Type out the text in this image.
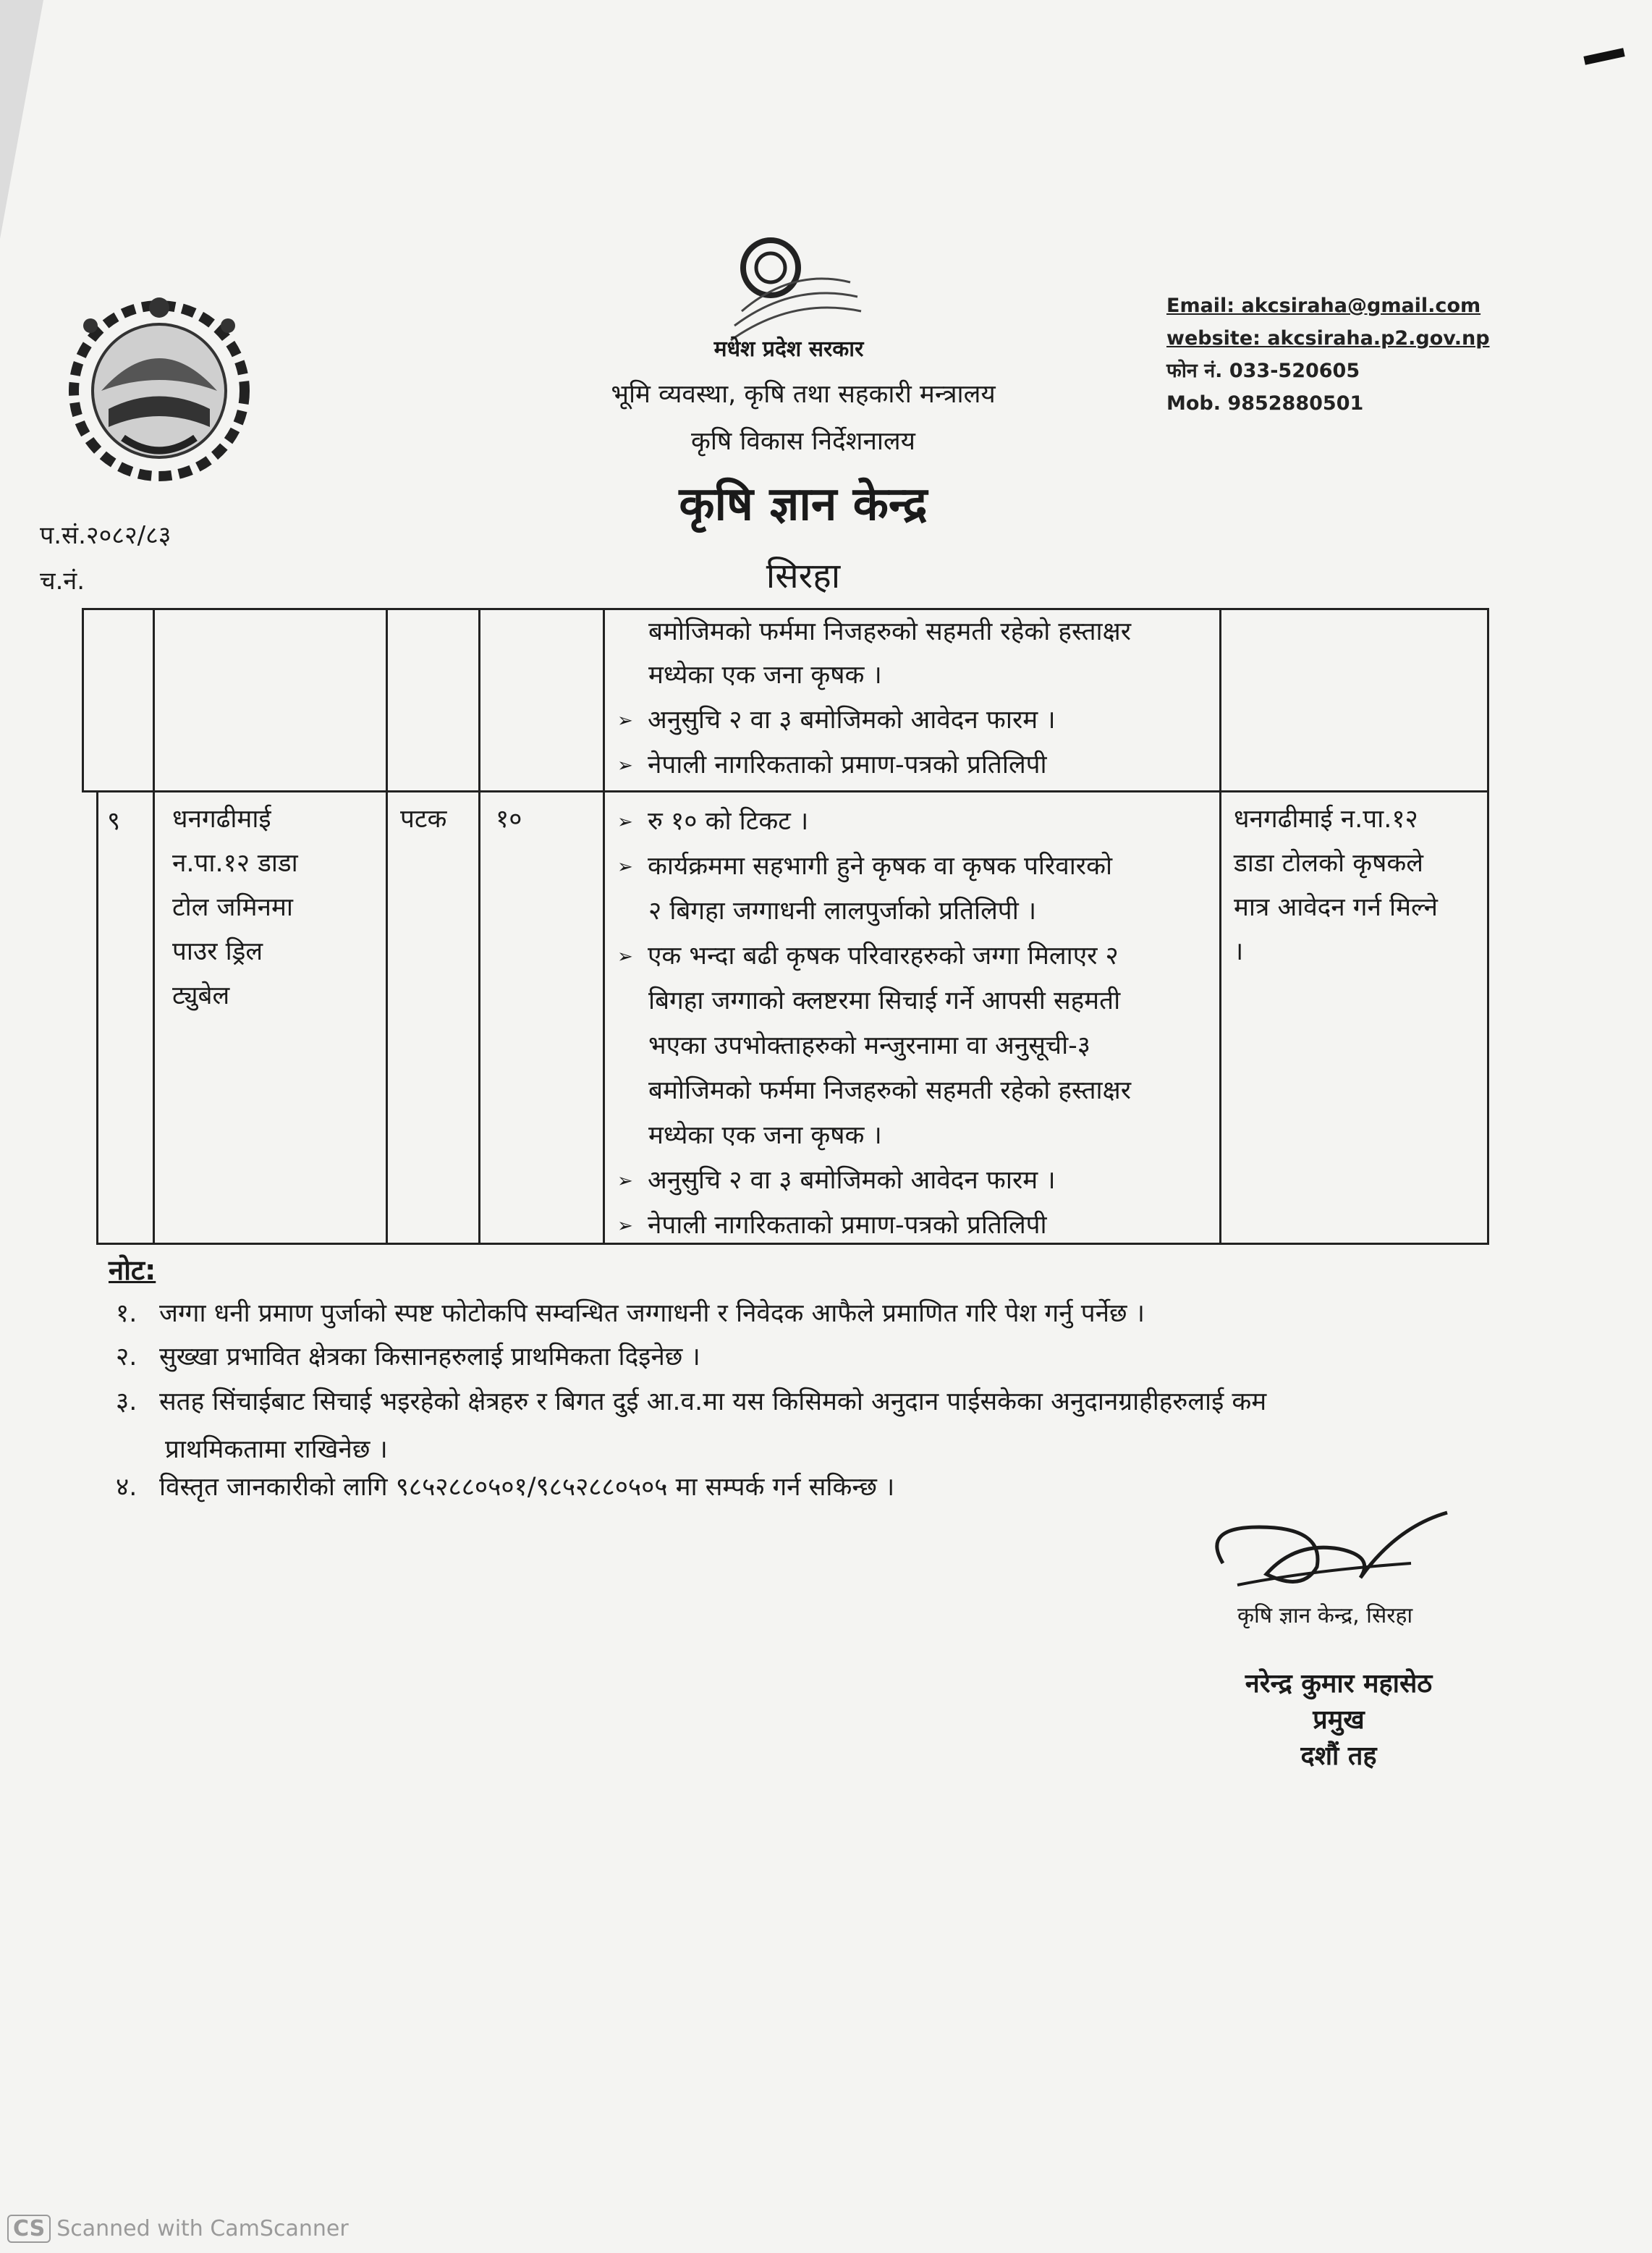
मधेश प्रदेश सरकार
भूमि व्यवस्था, कृषि तथा सहकारी मन्त्रालय
कृषि विकास निर्देशनालय
कृषि ज्ञान केन्द्र
सिरहा
Email: akcsiraha@gmail.com
website: akcsiraha.p2.gov.np
फोन नं. 033-520605
Mob. 9852880501
प.सं.२०८२/८३
च.नं.
बमोजिमको फर्ममा निजहरुको सहमती रहेको हस्ताक्षर
मध्येका एक जना कृषक ।
➢ अनुसुचि २ वा ३ बमोजिमको आवेदन फारम ।
➢ नेपाली नागरिकताको प्रमाण-पत्रको प्रतिलिपी
९ धनगढीमाई
न.पा.१२ डाडा
टोल जमिनमा
पाउर ड्रिल
ट्युबेल
पटक १०	➢ रु १० को टिकट ।
➢ कार्यक्रममा सहभागी हुने कृषक वा कृषक परिवारको
२ बिगहा जग्गाधनी लालपुर्जाको प्रतिलिपी ।
➢ एक भन्दा बढी कृषक परिवारहरुको जग्गा मिलाएर २
बिगहा जग्गाको क्लष्टरमा सिचाई गर्ने आपसी सहमती
भएका उपभोक्ताहरुको मन्जुरनामा वा अनुसूची-३
बमोजिमको फर्ममा निजहरुको सहमती रहेको हस्ताक्षर
मध्येका एक जना कृषक ।
➢ अनुसुचि २ वा ३ बमोजिमको आवेदन फारम ।
➢ नेपाली नागरिकताको प्रमाण-पत्रको प्रतिलिपी
धनगढीमाई न.पा.१२
डाडा टोलको कृषकले
मात्र आवेदन गर्न मिल्ने
।
नोट:
१. जग्गा धनी प्रमाण पुर्जाको स्पष्ट फोटोकपि सम्वन्धित जग्गाधनी र निवेदक आफैले प्रमाणित गरि पेश गर्नु पर्नेछ ।
२. सुख्खा प्रभावित क्षेत्रका किसानहरुलाई प्राथमिकता दिइनेछ ।
३. सतह सिंचाईबाट सिचाई भइरहेको क्षेत्रहरु र बिगत दुई आ.व.मा यस किसिमको अनुदान पाईसकेका अनुदानग्राहीहरुलाई कम
प्राथमिकतामा राखिनेछ ।
४. विस्तृत जानकारीको लागि ९८५२८८०५०१/९८५२८८०५०५ मा सम्पर्क गर्न सकिन्छ ।
कृषि ज्ञान केन्द्र, सिरहा
नरेन्द्र कुमार महासेठ
प्रमुख
दशौं तह
CS Scanned with CamScanner
